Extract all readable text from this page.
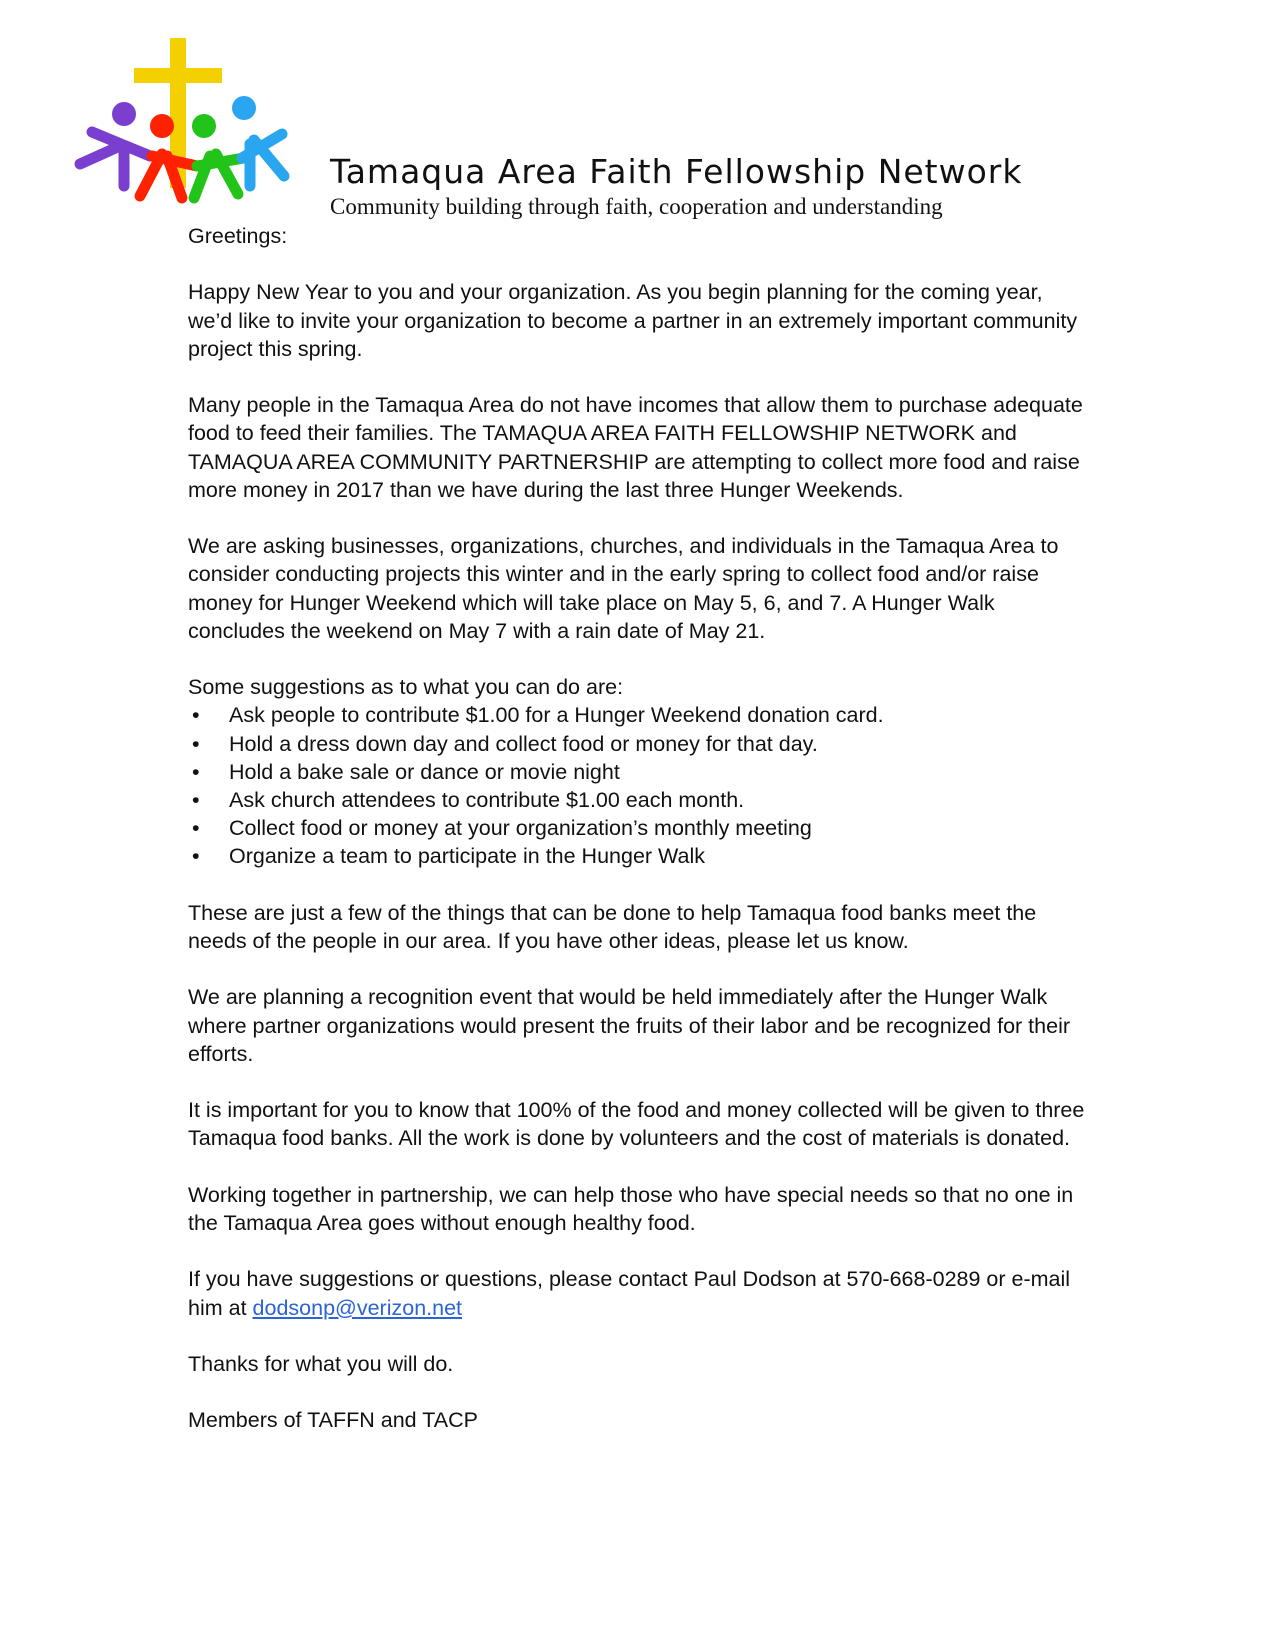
Tamaqua Area Faith Fellowship Network
Community building through faith, cooperation and understanding

Greetings:

Happy New Year to you and your organization. As you begin planning for the coming year, we’d like to invite your organization to become a partner in an extremely important community project this spring.

Many people in the Tamaqua Area do not have incomes that allow them to purchase adequate food to feed their families. The TAMAQUA AREA FAITH FELLOWSHIP NETWORK and TAMAQUA AREA COMMUNITY PARTNERSHIP are attempting to collect more food and raise more money in 2017 than we have during the last three Hunger Weekends.

We are asking businesses, organizations, churches, and individuals in the Tamaqua Area to consider conducting projects this winter and in the early spring to collect food and/or raise money for Hunger Weekend which will take place on May 5, 6, and 7. A Hunger Walk concludes the weekend on May 7 with a rain date of May 21.

Some suggestions as to what you can do are:

• Ask people to contribute $1.00 for a Hunger Weekend donation card.
• Hold a dress down day and collect food or money for that day.
• Hold a bake sale or dance or movie night
• Ask church attendees to contribute $1.00 each month.
• Collect food or money at your organization’s monthly meeting
• Organize a team to participate in the Hunger Walk

These are just a few of the things that can be done to help Tamaqua food banks meet the needs of the people in our area. If you have other ideas, please let us know.

We are planning a recognition event that would be held immediately after the Hunger Walk where partner organizations would present the fruits of their labor and be recognized for their efforts.

It is important for you to know that 100% of the food and money collected will be given to three Tamaqua food banks. All the work is done by volunteers and the cost of materials is donated.

Working together in partnership, we can help those who have special needs so that no one in the Tamaqua Area goes without enough healthy food.

If you have suggestions or questions, please contact Paul Dodson at 570-668-0289 or e-mail him at dodsonp@verizon.net

Thanks for what you will do.

Members of TAFFN and TACP
